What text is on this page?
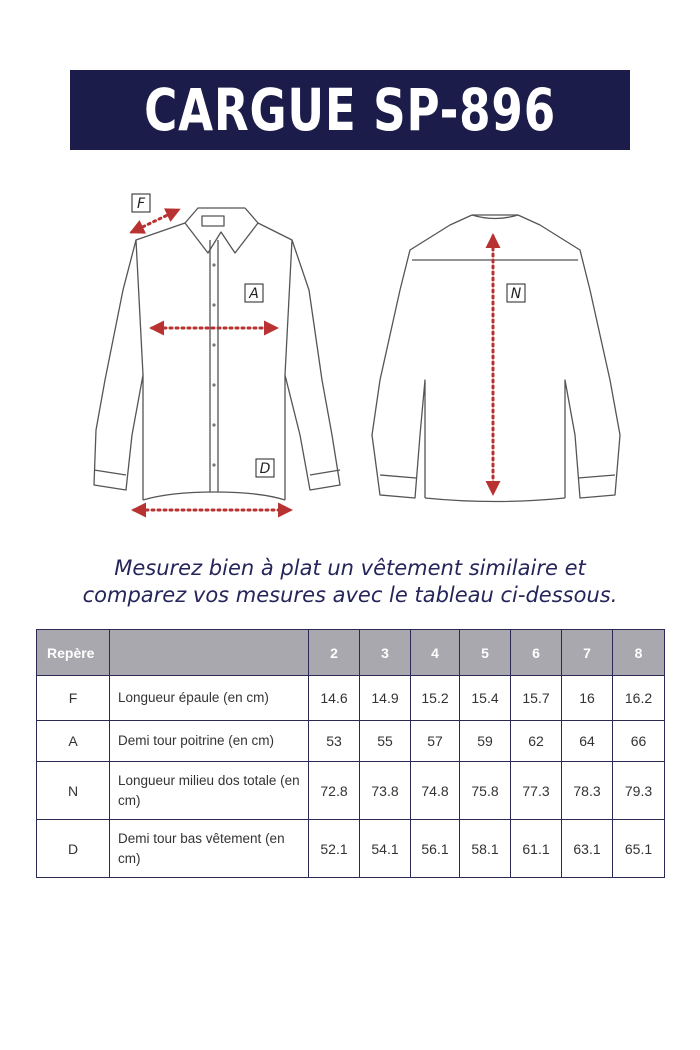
CARGUE SP-896
F
A
D
N
Mesurez bien à plat un vêtement similaire et
comparez vos mesures avec le tableau ci-dessous.
Repère		2	3	4	5	6	7	8
F	Longueur épaule (en cm)	14.6	14.9	15.2	15.4	15.7	16	16.2
A	Demi tour poitrine (en cm)	53	55	57	59	62	64	66
N	Longueur milieu dos totale (en cm)	72.8	73.8	74.8	75.8	77.3	78.3	79.3
D	Demi tour bas vêtement (en cm)	52.1	54.1	56.1	58.1	61.1	63.1	65.1
